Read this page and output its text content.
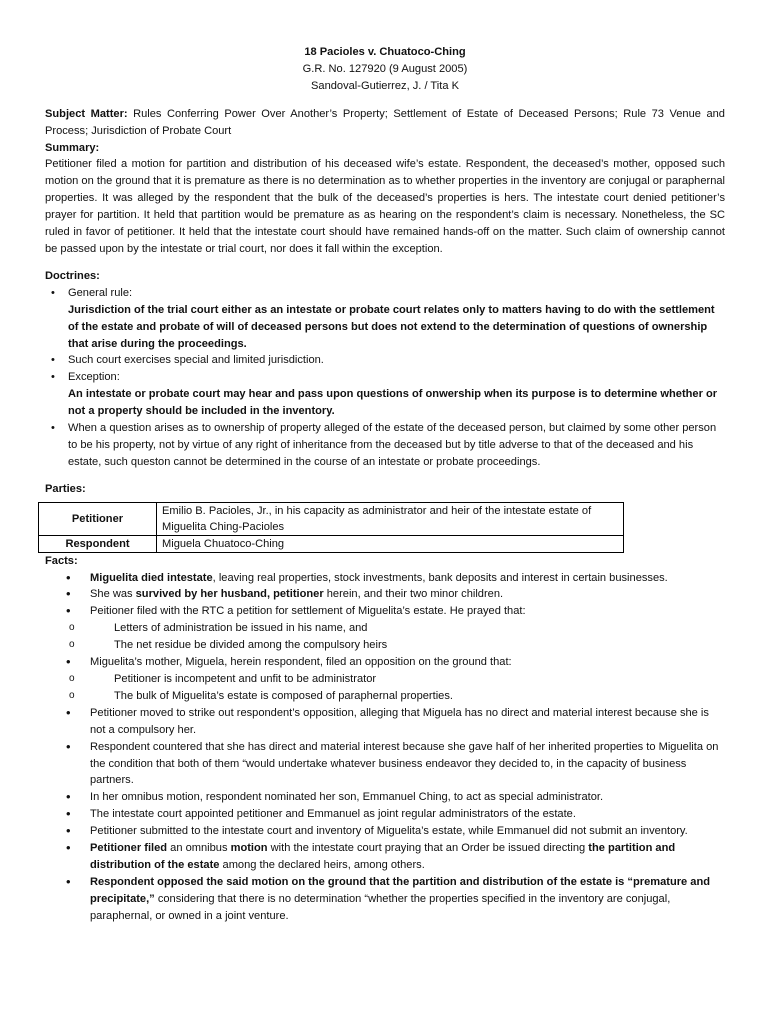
18 Pacioles v. Chuatoco-Ching

G.R. No. 127920 (9 August 2005)

Sandoval-Gutierrez, J. / Tita K

Subject Matter: Rules Conferring Power Over Another’s Property; Settlement of Estate of Deceased Persons; Rule 73 Venue and Process; Jurisdiction of Probate Court

Summary:

Petitioner filed a motion for partition and distribution of his deceased wife’s estate. Respondent, the deceased’s mother, opposed such motion on the ground that it is premature as there is no determination as to whether properties in the inventory are conjugal or paraphernal properties. It was alleged by the respondent that the bulk of the deceased’s properties is hers. The intestate court denied petitioner’s prayer for partition. It held that partition would be premature as as hearing on the respondent’s claim is necessary. Nonetheless, the SC ruled in favor of petitioner. It held that the intestate court should have remained hands-off on the matter. Such claim of ownership cannot be passed upon by the intestate or trial court, nor does it fall within the exception.

Doctrines:

• General rule:
Jurisdiction of the trial court either as an intestate or probate court relates only to matters having to do with the settlement of the estate and probate of will of deceased persons but does not extend to the determination of questions of ownership that arise during the proceedings.
• Such court exercises special and limited jurisdiction.
• Exception:
An intestate or probate court may hear and pass upon questions of onwership when its purpose is to determine whether or not a property should be included in the inventory.
• When a question arises as to ownership of property alleged of the estate of the deceased person, but claimed by some other person to be his property, not by virtue of any right of inheritance from the deceased but by title adverse to that of the deceased and his estate, such queston cannot be determined in the course of an intestate or probate proceedings.

Parties:

Petitioner	Emilio B. Pacioles, Jr., in his capacity as administrator and heir of the intestate estate of Miguelita Ching-Pacioles
Respondent	Miguela Chuatoco-Ching

Facts:

• Miguelita died intestate, leaving real properties, stock investments, bank deposits and interest in certain businesses.
• She was survived by her husband, petitioner herein, and their two minor children.
• Peitioner filed with the RTC a petition for settlement of Miguelita’s estate. He prayed that:
o Letters of administration be issued in his name, and
o The net residue be divided among the compulsory heirs
• Miguelita’s mother, Miguela, herein respondent, filed an opposition on the ground that:
o Petitioner is incompetent and unfit to be administrator
o The bulk of Miguelita’s estate is composed of paraphernal properties.
• Petitioner moved to strike out respondent’s opposition, alleging that Miguela has no direct and material interest because she is not a compulsory her.
• Respondent countered that she has direct and material interest because she gave half of her inherited properties to Miguelita on the condition that both of them “would undertake whatever business endeavor they decided to, in the capacity of business partners.
• In her omnibus motion, respondent nominated her son, Emmanuel Ching, to act as special administrator.
• The intestate court appointed petitioner and Emmanuel as joint regular administrators of the estate.
• Petitioner submitted to the intestate court and inventory of Miguelita’s estate, while Emmanuel did not submit an inventory.
• Petitioner filed an omnibus motion with the intestate court praying that an Order be issued directing the partition and distribution of the estate among the declared heirs, among others.
• Respondent opposed the said motion on the ground that the partition and distribution of the estate is “premature and precipitate,” considering that there is no determination “whether the properties specified in the inventory are conjugal, paraphernal, or owned in a joint venture.
